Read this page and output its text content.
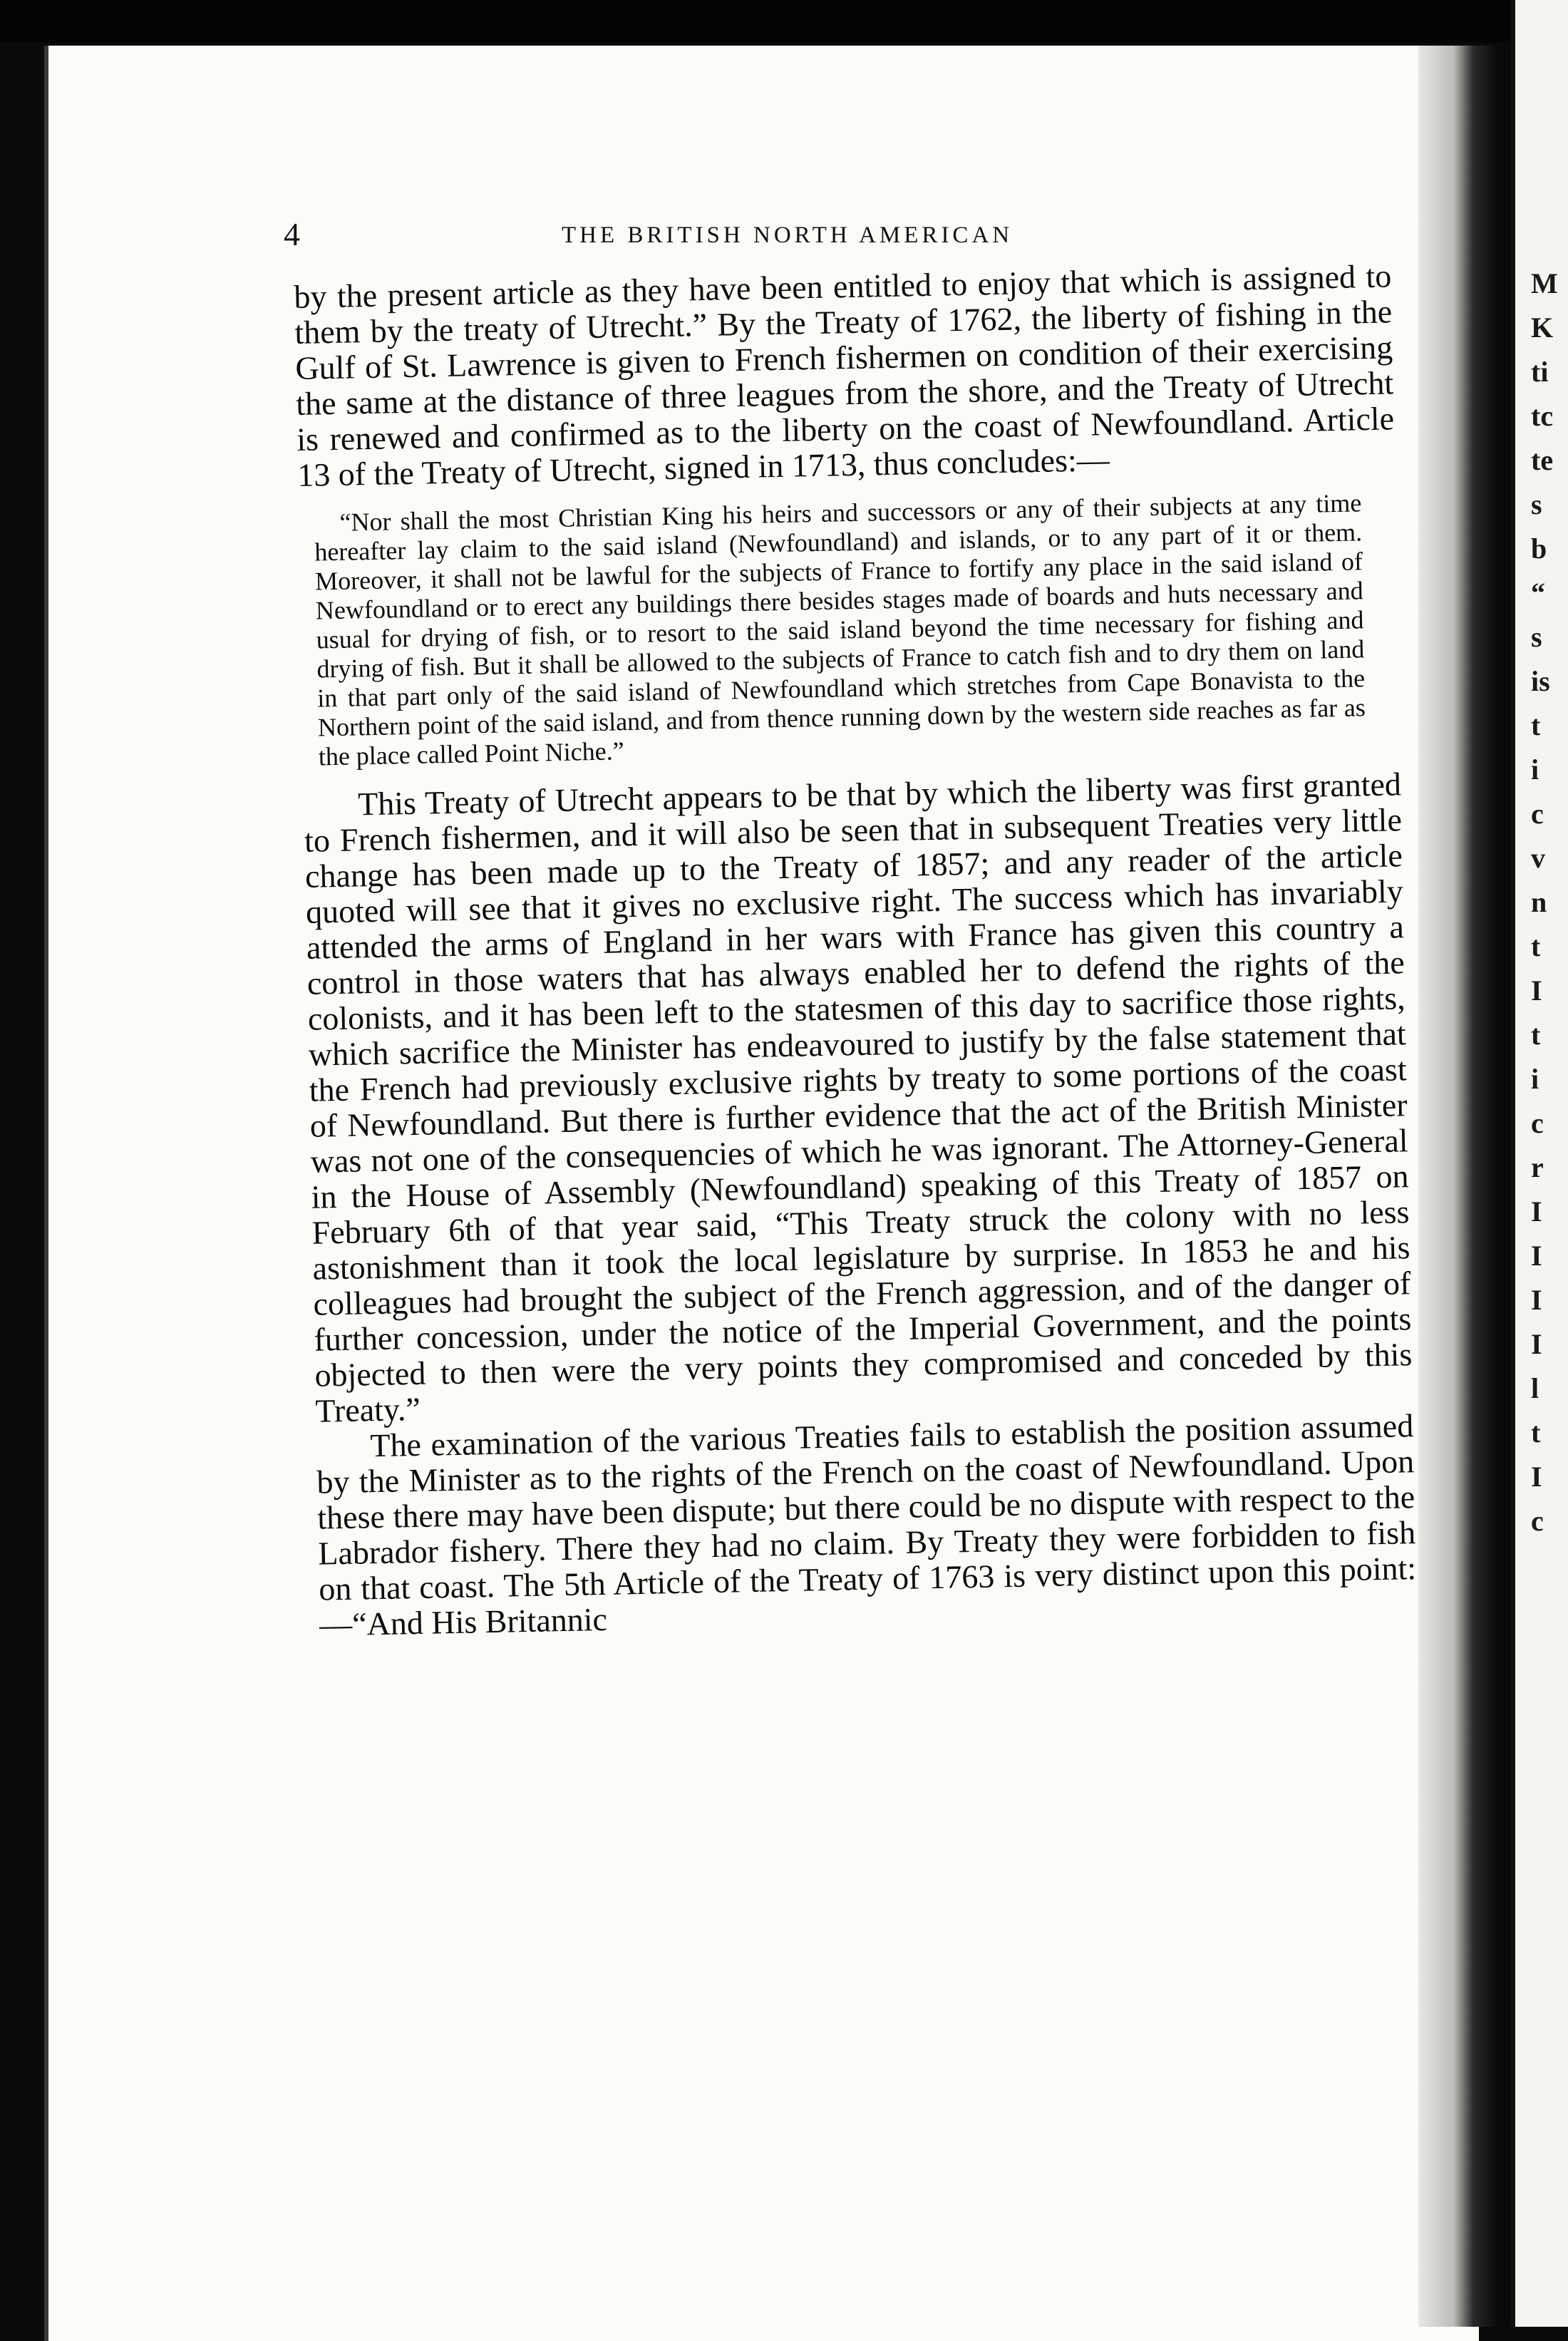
M
K
ti
tc
te
s
b
“
s
is
t
i
c
v
n
t
I
t
i
c
r
I
I
I
I
l
t
I
c
4	THE BRITISH NORTH AMERICAN

by the present article as they have been entitled to enjoy that which is assigned to them by the treaty of Utrecht.” By the Treaty of 1762, the liberty of fishing in the Gulf of St. Lawrence is given to French fishermen on condition of their exercising the same at the distance of three leagues from the shore, and the Treaty of Utrecht is renewed and confirmed as to the liberty on the coast of Newfoundland. Article 13 of the Treaty of Utrecht, signed in 1713, thus concludes:—

“Nor shall the most Christian King his heirs and successors or any of their subjects at any time hereafter lay claim to the said island (Newfoundland) and islands, or to any part of it or them. Moreover, it shall not be lawful for the subjects of France to fortify any place in the said island of Newfoundland or to erect any buildings there besides stages made of boards and huts necessary and usual for drying of fish, or to resort to the said island beyond the time necessary for fishing and drying of fish. But it shall be allowed to the subjects of France to catch fish and to dry them on land in that part only of the said island of Newfoundland which stretches from Cape Bonavista to the Northern point of the said island, and from thence running down by the western side reaches as far as the place called Point Niche.”

This Treaty of Utrecht appears to be that by which the liberty was first granted to French fishermen, and it will also be seen that in subsequent Treaties very little change has been made up to the Treaty of 1857; and any reader of the article quoted will see that it gives no exclusive right. The success which has invariably attended the arms of England in her wars with France has given this country a control in those waters that has always enabled her to defend the rights of the colonists, and it has been left to the statesmen of this day to sacrifice those rights, which sacrifice the Minister has endeavoured to justify by the false statement that the French had previously exclusive rights by treaty to some portions of the coast of Newfoundland. But there is further evidence that the act of the British Minister was not one of the consequencies of which he was ignorant. The Attorney-General in the House of Assembly (Newfoundland) speaking of this Treaty of 1857 on February 6th of that year said, “This Treaty struck the colony with no less astonishment than it took the local legislature by surprise. In 1853 he and his colleagues had brought the subject of the French aggression, and of the danger of further concession, under the notice of the Imperial Government, and the points objected to then were the very points they compromised and conceded by this Treaty.”

The examination of the various Treaties fails to establish the position assumed by the Minister as to the rights of the French on the coast of Newfoundland. Upon these there may have been dispute; but there could be no dispute with respect to the Labrador fishery. There they had no claim. By Treaty they were forbidden to fish on that coast. The 5th Article of the Treaty of 1763 is very distinct upon this point:—“And His Britannic
